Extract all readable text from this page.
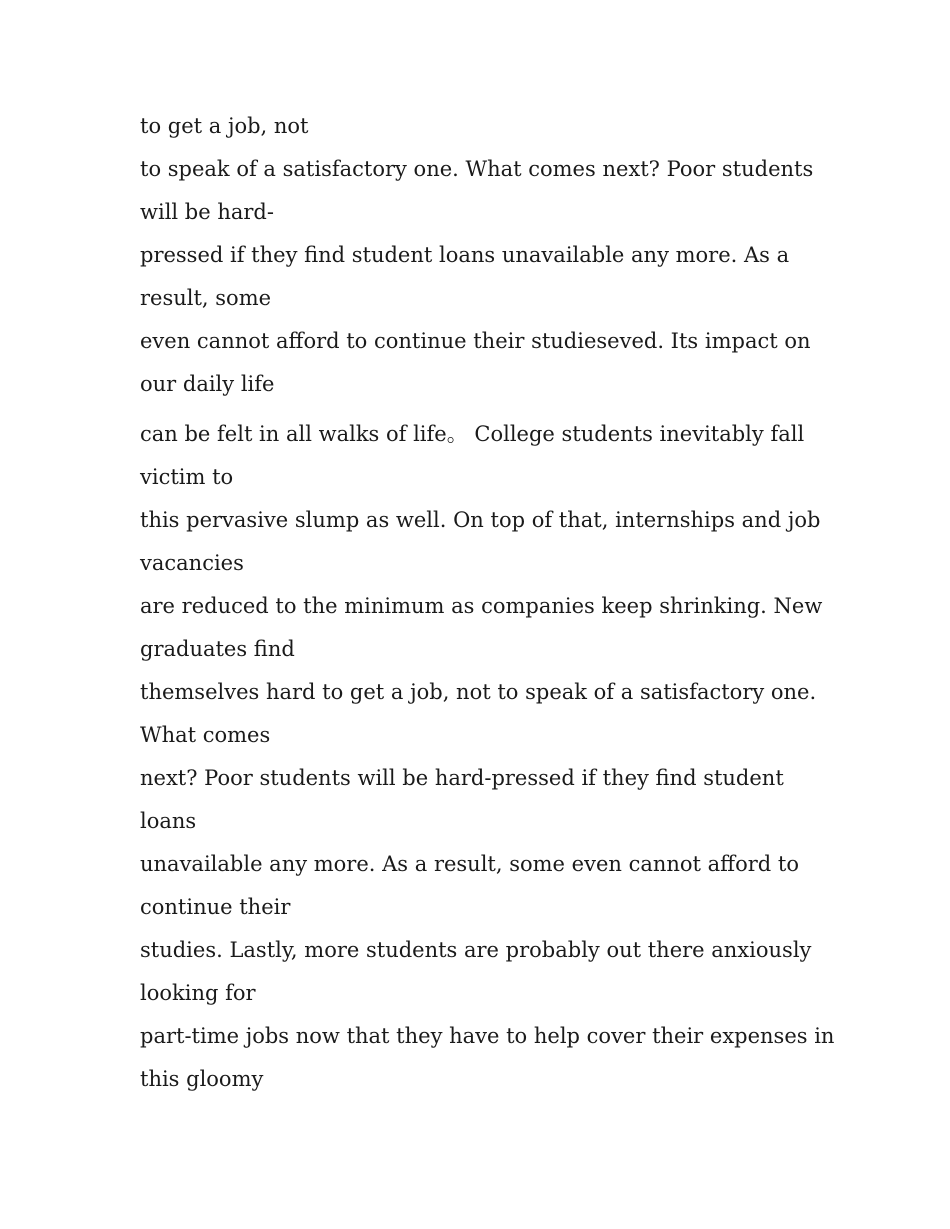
to get a job, not

to speak of a satisfactory one. What comes next? Poor students

will be hard-

pressed if they find student loans unavailable any more. As a

result, some

even cannot afford to continue their studieseved. Its impact on

our daily life

can be felt in all walks of life。 College students inevitably fall

victim to

this pervasive slump as well. On top of that, internships and job

vacancies

are reduced to the minimum as companies keep shrinking. New

graduates find

themselves hard to get a job, not to speak of a satisfactory one.

What comes

next? Poor students will be hard-pressed if they find student

loans

unavailable any more. As a result, some even cannot afford to

continue their

studies. Lastly, more students are probably out there anxiously

looking for

part-time jobs now that they have to help cover their expenses in

this gloomy
